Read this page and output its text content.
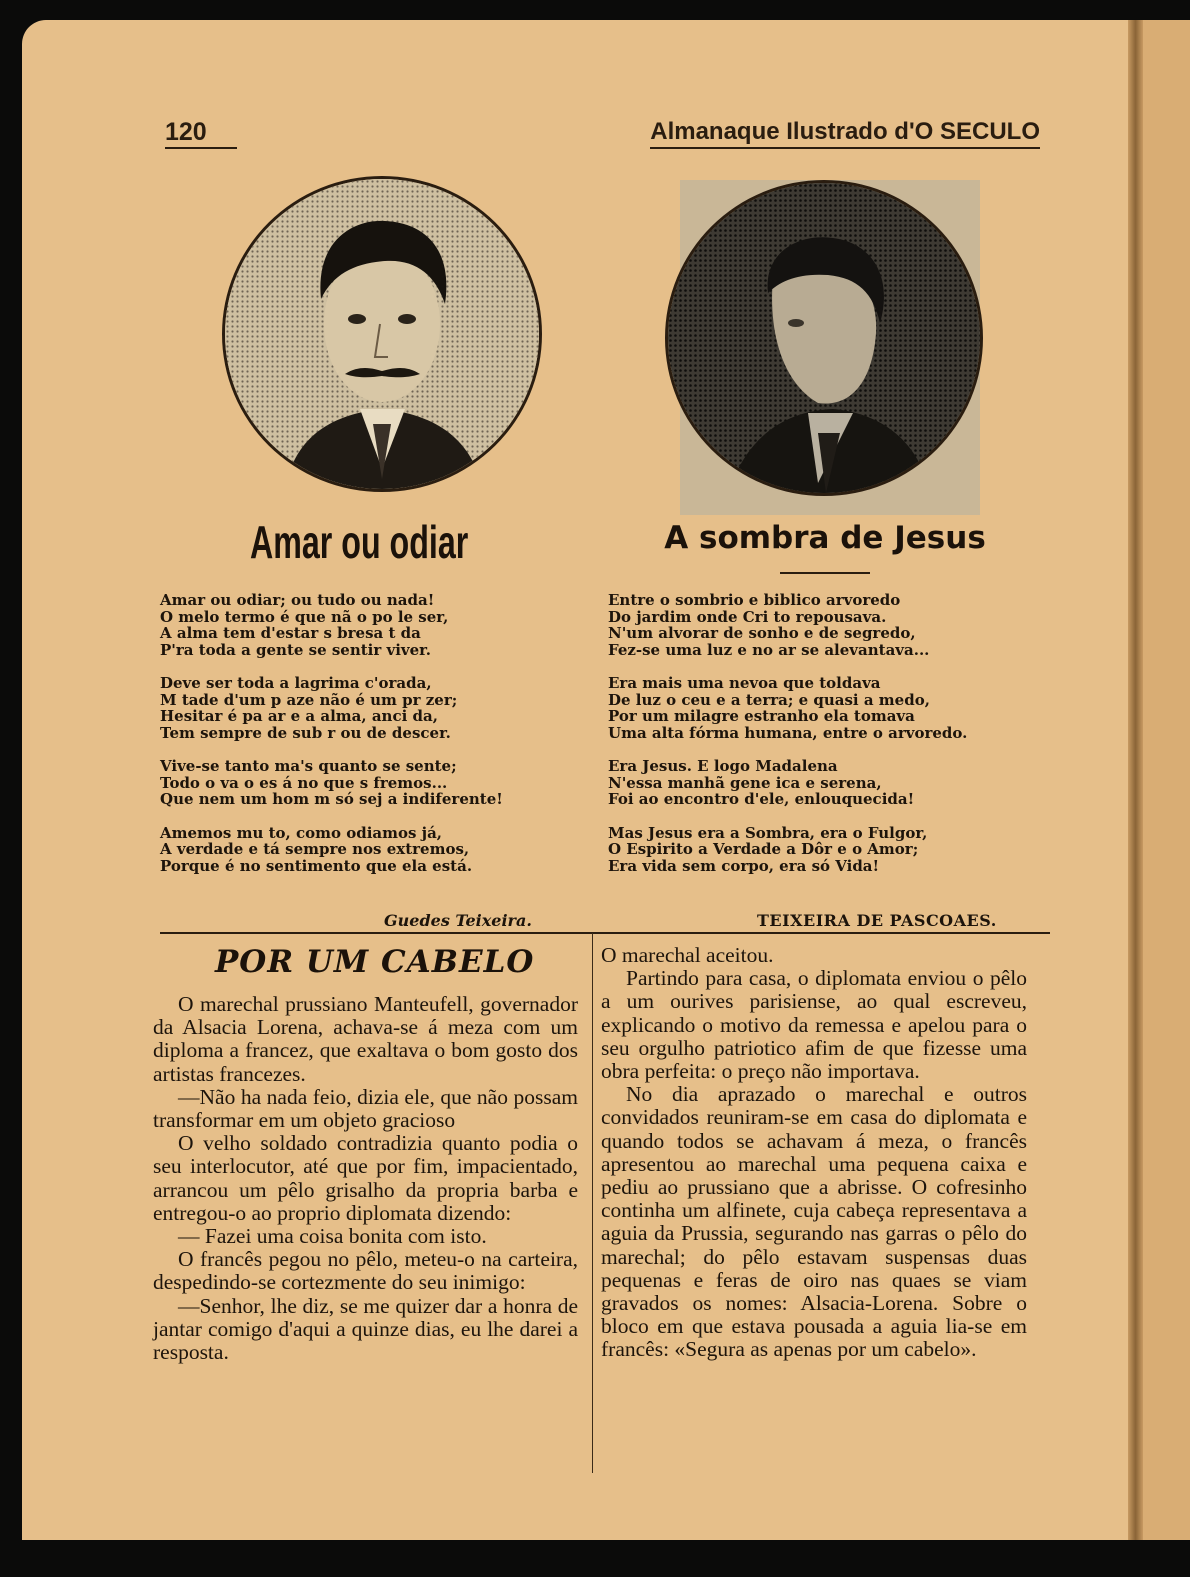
120	Almanaque Ilustrado d'O SECULO
Amar ou odiar	A sombra de Jesus
Amar ou odiar; ou tudo ou nada!
O melo termo é que nã o po le ser,
A alma tem d'estar s bresa t da
P'ra toda a gente se sentir viver.
Deve ser toda a lagrima c'orada,
M tade d'um p aze não é um pr zer;
Hesitar é pa ar e a alma, anci da,
Tem sempre de sub r ou de descer.
Vive-se tanto ma's quanto se sente;
Todo o va o es á no que s fremos...
Que nem um hom m só sej a indiferente!
Amemos mu to, como odiamos já,
A verdade e tá sempre nos extremos,
Porque é no sentimento que ela está.
Entre o sombrio e biblico arvoredo
Do jardim onde Cri to repousava.
N'um alvorar de sonho e de segredo,
Fez-se uma luz e no ar se alevantava...
Era mais uma nevoa que toldava
De luz o ceu e a terra; e quasi a medo,
Por um milagre estranho ela tomava
Uma alta fórma humana, entre o arvoredo.
Era Jesus. E logo Madalena
N'essa manhã gene ica e serena,
Foi ao encontro d'ele, enlouquecida!
Mas Jesus era a Sombra, era o Fulgor,
O Espirito a Verdade a Dôr e o Amor;
Era vida sem corpo, era só Vida!
Guedes Teixeira.	TEIXEIRA DE PASCOAES.
POR UM CABELO

O marechal prussiano Manteufell, governador da Alsacia Lorena, achava-se á meza com um diploma a francez, que exaltava o bom gosto dos artistas francezes.

—Não ha nada feio, dizia ele, que não possam transformar em um objeto gracioso

O velho soldado contradizia quanto podia o seu interlocutor, até que por fim, impacientado, arrancou um pêlo grisalho da propria barba e entregou-o ao proprio diplomata dizendo:

— Fazei uma coisa bonita com isto.

O francês pegou no pêlo, meteu-o na carteira, despedindo-se cortezmente do seu inimigo:

—Senhor, lhe diz, se me quizer dar a honra de jantar comigo d'aqui a quinze dias, eu lhe darei a resposta.

O marechal aceitou.

Partindo para casa, o diplomata enviou o pêlo a um ourives parisiense, ao qual escreveu, explicando o motivo da remessa e apelou para o seu orgulho patriotico afim de que fizesse uma obra perfeita: o preço não importava.

No dia aprazado o marechal e outros convidados reuniram-se em casa do diplomata e quando todos se achavam á meza, o francês apresentou ao marechal uma pequena caixa e pediu ao prussiano que a abrisse. O cofresinho continha um alfinete, cuja cabeça representava a aguia da Prussia, segurando nas garras o pêlo do marechal; do pêlo estavam suspensas duas pequenas e feras de oiro nas quaes se viam gravados os nomes: Alsacia-Lorena. Sobre o bloco em que estava pousada a aguia lia-se em francês: «Segura as apenas por um cabelo».
